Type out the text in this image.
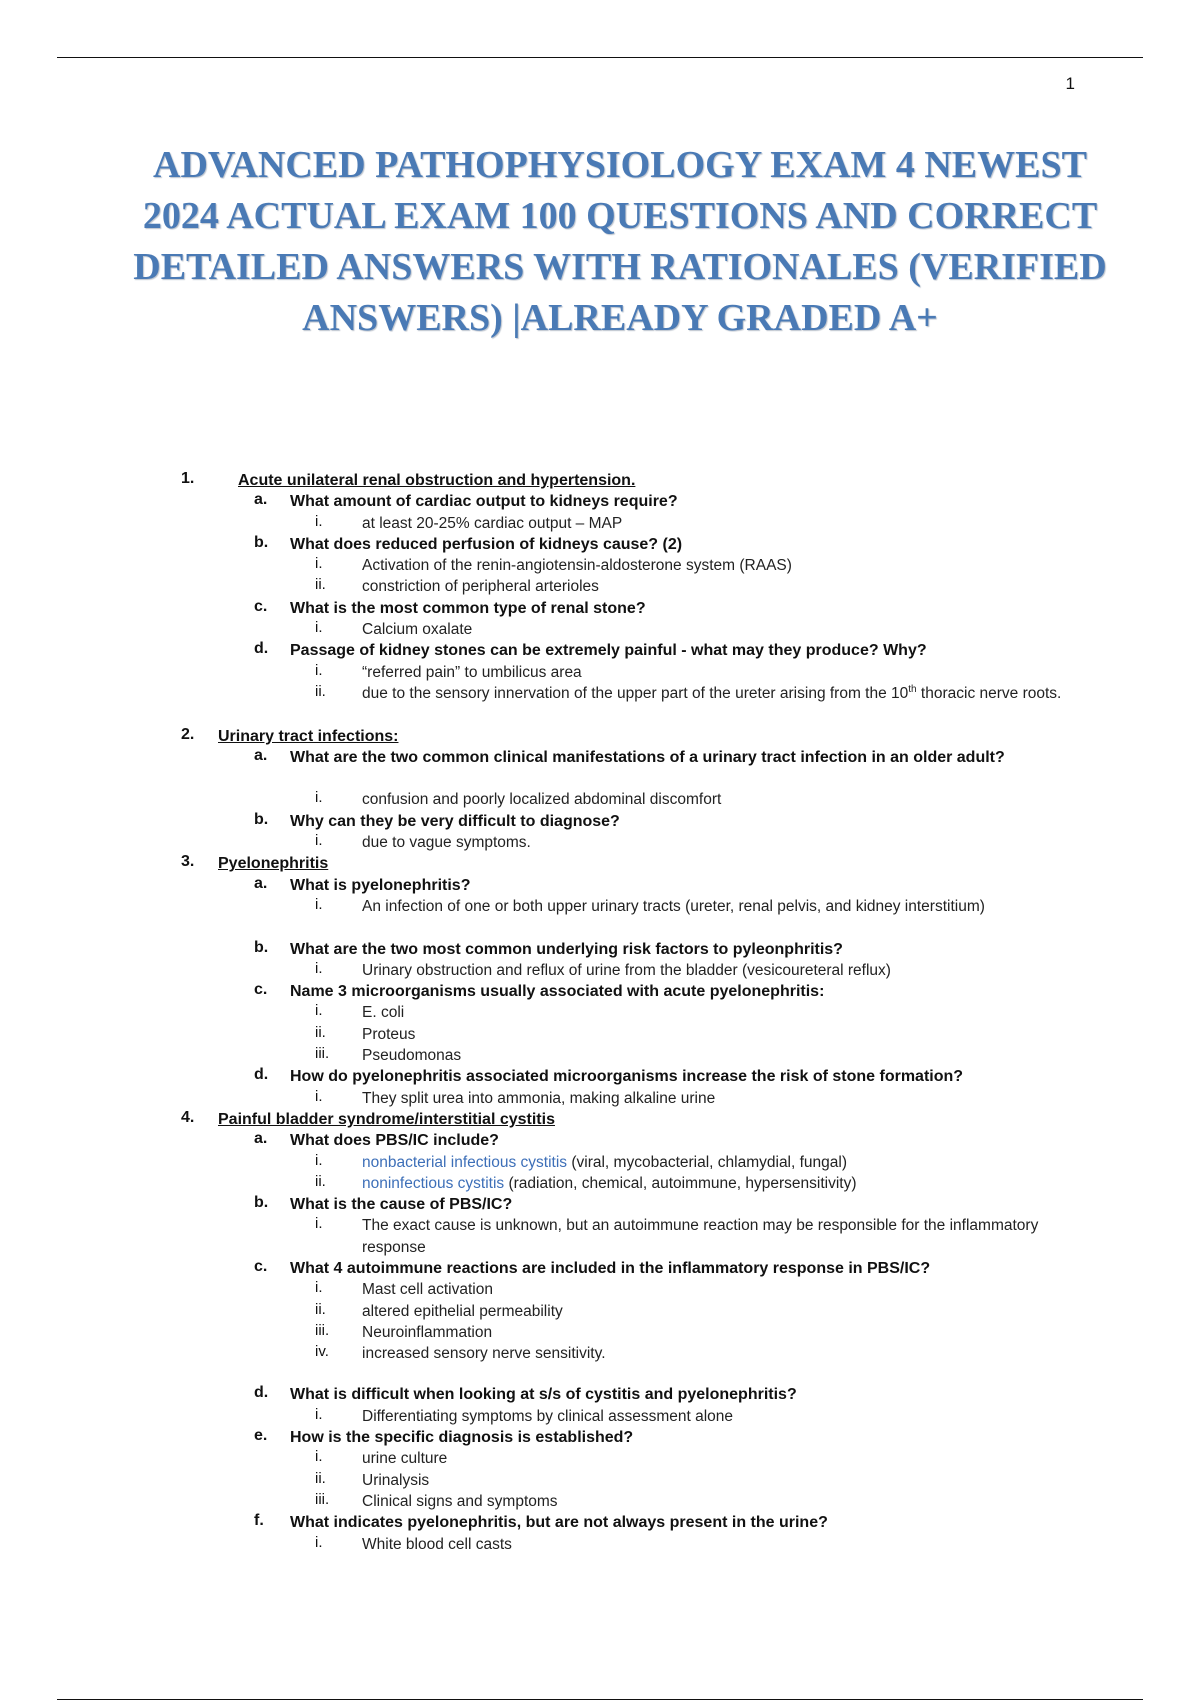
1
ADVANCED PATHOPHYSIOLOGY EXAM 4 NEWEST 2024 ACTUAL EXAM 100 QUESTIONS AND CORRECT DETAILED ANSWERS WITH RATIONALES (VERIFIED ANSWERS) |ALREADY GRADED A+
1.	Acute unilateral renal obstruction and hypertension.
a. What amount of cardiac output to kidneys require?
i.	at least 20-25% cardiac output – MAP
b. What does reduced perfusion of kidneys cause? (2)
i.	Activation of the renin-angiotensin-aldosterone system (RAAS)
ii. constriction of peripheral arterioles
c. What is the most common type of renal stone?
i.	Calcium oxalate
d. Passage of kidney stones can be extremely painful - what may they produce? Why?
i.	“referred pain” to umbilicus area
ii. due to the sensory innervation of the upper part of the ureter arising from the 10th thoracic nerve roots.
2. Urinary tract infections:
a. What are the two common clinical manifestations of a urinary tract infection in an older adult?
i.	confusion and poorly localized abdominal discomfort
b. Why can they be very difficult to diagnose?
i.	due to vague symptoms.
3. Pyelonephritis
a. What is pyelonephritis?
i.	An infection of one or both upper urinary tracts (ureter, renal pelvis, and kidney interstitium)
b. What are the two most common underlying risk factors to pyleonphritis?
i.	Urinary obstruction and reflux of urine from the bladder (vesicoureteral reflux)
c. Name 3 microorganisms usually associated with acute pyelonephritis:
i.	E. coli
ii. Proteus
iii. Pseudomonas
d. How do pyelonephritis associated microorganisms increase the risk of stone formation?
i.	They split urea into ammonia, making alkaline urine
4. Painful bladder syndrome/interstitial cystitis
a. What does PBS/IC include?
i.	nonbacterial infectious cystitis (viral, mycobacterial, chlamydial, fungal)
ii. noninfectious cystitis (radiation, chemical, autoimmune, hypersensitivity)
b. What is the cause of PBS/IC?
i.	The exact cause is unknown, but an autoimmune reaction may be responsible for the inflammatory response
c. What 4 autoimmune reactions are included in the inflammatory response in PBS/IC?
i.	Mast cell activation
ii. altered epithelial permeability
iii. Neuroinflammation
iv. increased sensory nerve sensitivity.
d. What is difficult when looking at s/s of cystitis and pyelonephritis?
i.	Differentiating symptoms by clinical assessment alone
e. How is the specific diagnosis is established?
i.	urine culture
ii. Urinalysis
iii. Clinical signs and symptoms
f. What indicates pyelonephritis, but are not always present in the urine?
i.	White blood cell casts
